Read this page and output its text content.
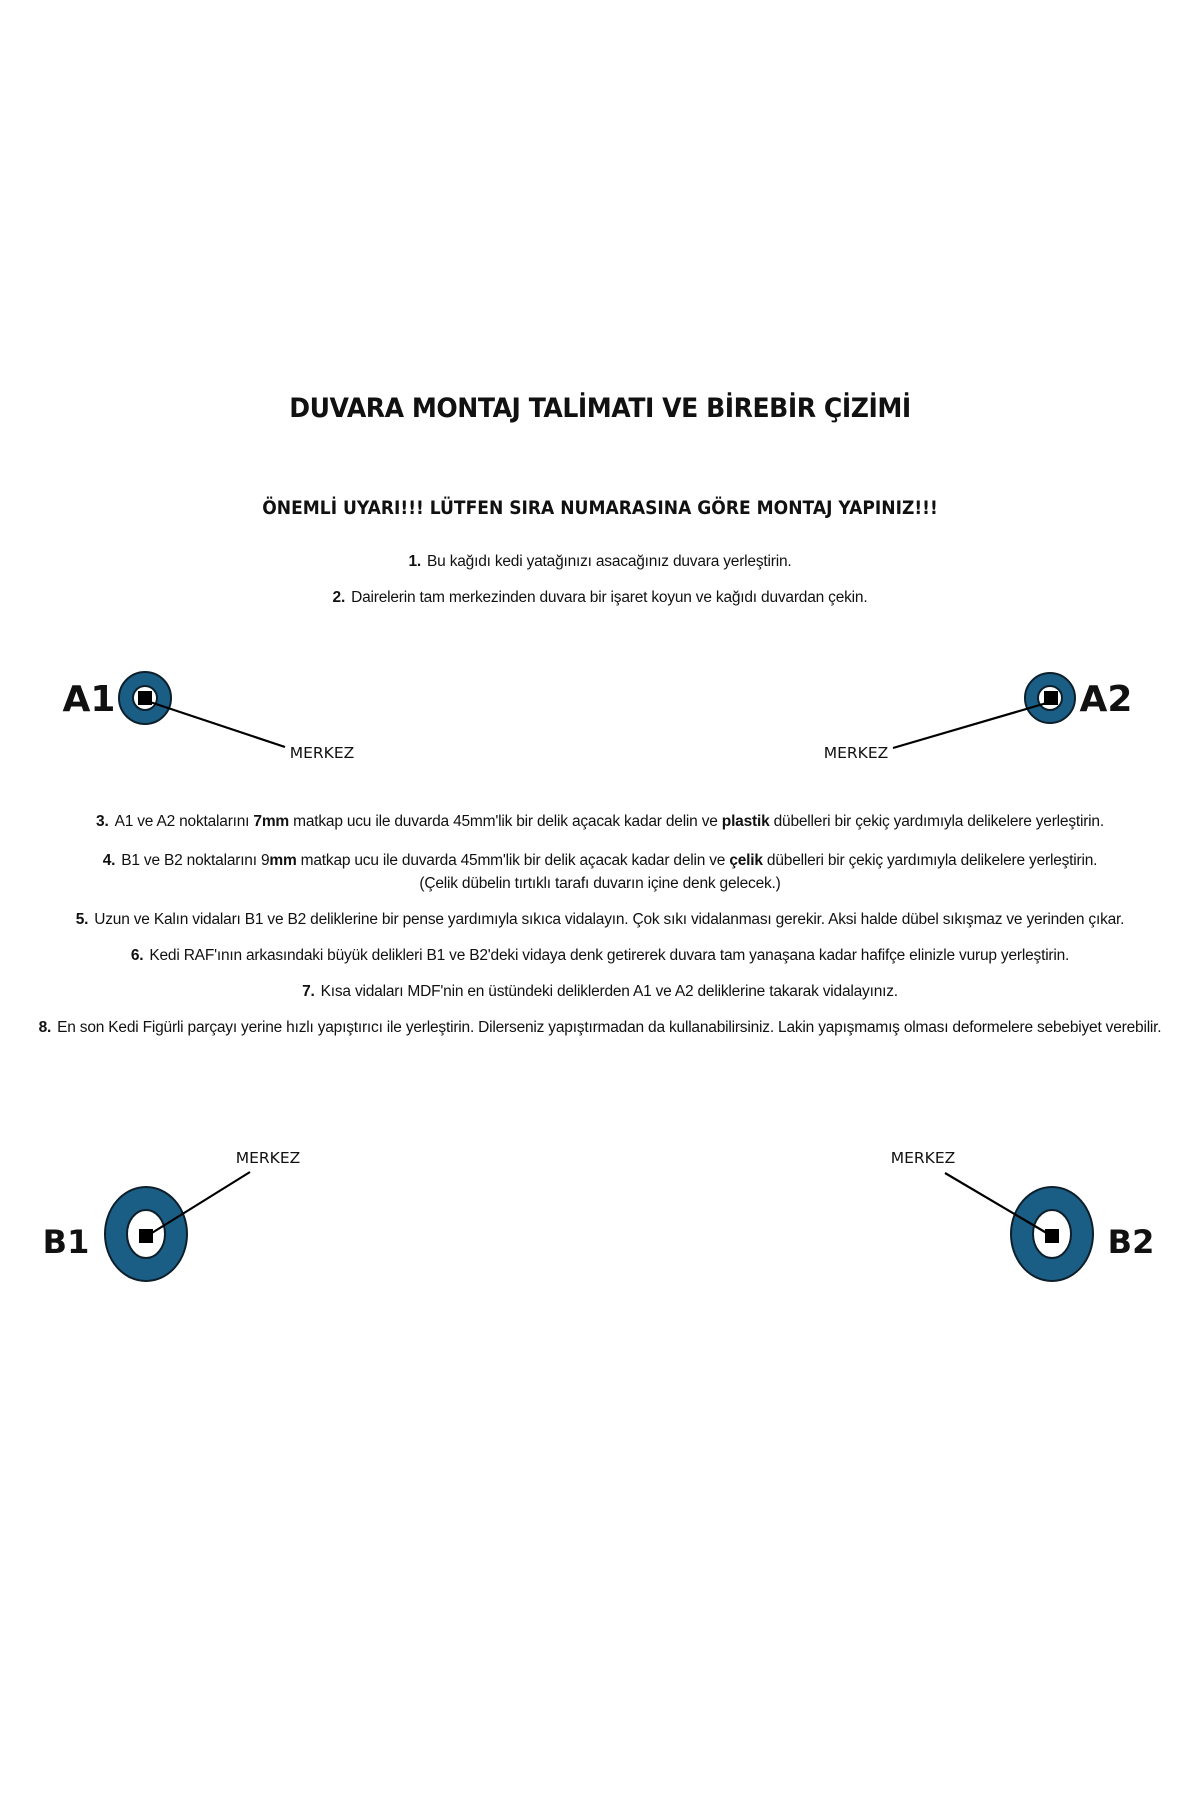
DUVARA MONTAJ TALİMATI VE BİREBİR ÇİZİMİ
ÖNEMLİ UYARI!!! LÜTFEN SIRA NUMARASINA GÖRE MONTAJ YAPINIZ!!!
1. Bu kağıdı kedi yatağınızı asacağınız duvara yerleştirin.
2. Dairelerin tam merkezinden duvara bir işaret koyun ve kağıdı duvardan çekin.
3. A1 ve A2 noktalarını 7mm matkap ucu ile duvarda 45mm'lik bir delik açacak kadar delin ve plastik dübelleri bir çekiç yardımıyla delikelere yerleştirin.
4. B1 ve B2 noktalarını 9mm matkap ucu ile duvarda 45mm'lik bir delik açacak kadar delin ve çelik dübelleri bir çekiç yardımıyla delikelere yerleştirin.
(Çelik dübelin tırtıklı tarafı duvarın içine denk gelecek.)
5. Uzun ve Kalın vidaları B1 ve B2 deliklerine bir pense yardımıyla sıkıca vidalayın. Çok sıkı vidalanması gerekir. Aksi halde dübel sıkışmaz ve yerinden çıkar.
6. Kedi RAF'ının arkasındaki büyük delikleri B1 ve B2'deki vidaya denk getirerek duvara tam yanaşana kadar hafifçe elinizle vurup yerleştirin.
7. Kısa vidaları MDF'nin en üstündeki deliklerden A1 ve A2 deliklerine takarak vidalayınız.
8. En son Kedi Figürli parçayı yerine hızlı yapıştırıcı ile yerleştirin. Dilerseniz yapıştırmadan da kullanabilirsiniz. Lakin yapışmamış olması deformelere sebebiyet verebilir.
A1
MERKEZ
A2
MERKEZ
B1
MERKEZ
B2
MERKEZ
